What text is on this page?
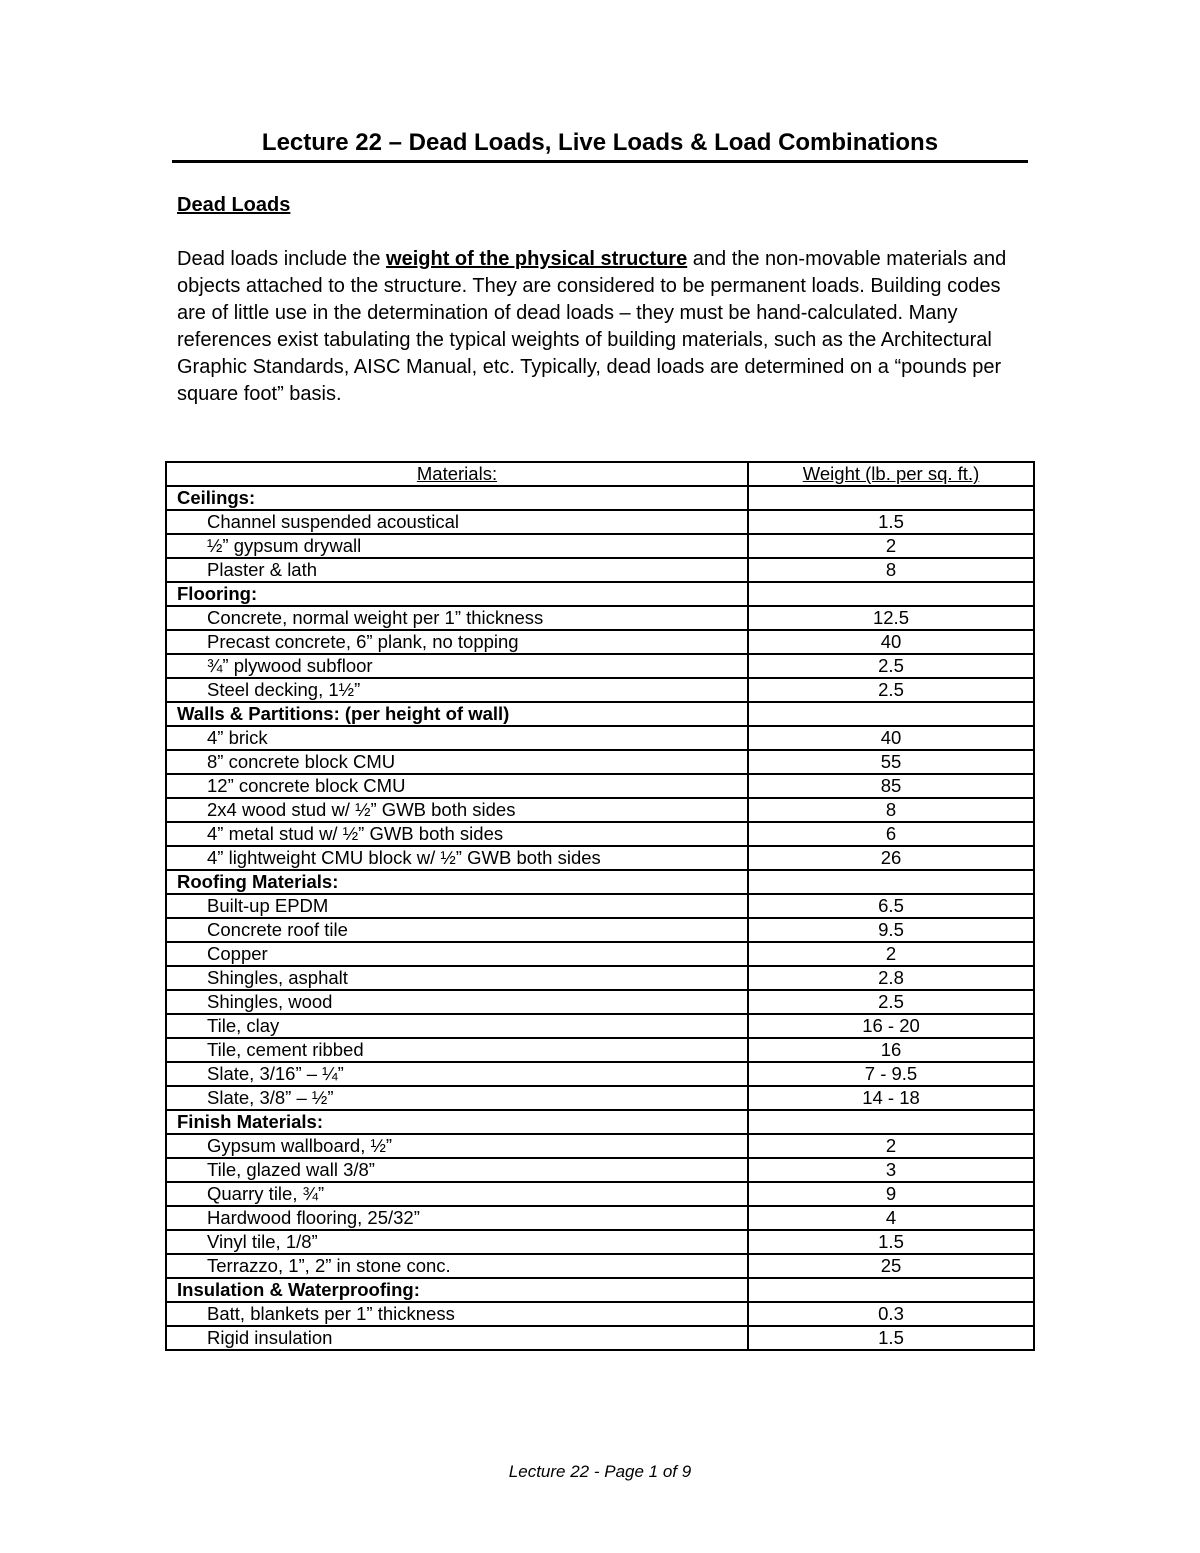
Lecture 22 – Dead Loads, Live Loads & Load Combinations
Dead Loads
Dead loads include the weight of the physical structure and the non-movable materials and objects attached to the structure. They are considered to be permanent loads. Building codes are of little use in the determination of dead loads – they must be hand-calculated. Many references exist tabulating the typical weights of building materials, such as the Architectural Graphic Standards, AISC Manual, etc. Typically, dead loads are determined on a “pounds per square foot” basis.
Materials:	Weight (lb. per sq. ft.)
Ceilings:	
Channel suspended acoustical	1.5
½” gypsum drywall	2
Plaster & lath	8
Flooring:	
Concrete, normal weight per 1” thickness	12.5
Precast concrete, 6” plank, no topping	40
¾” plywood subfloor	2.5
Steel decking, 1½”	2.5
Walls & Partitions: (per height of wall)	
4” brick	40
8” concrete block CMU	55
12” concrete block CMU	85
2x4 wood stud w/ ½” GWB both sides	8
4” metal stud w/ ½” GWB both sides	6
4” lightweight CMU block w/ ½” GWB both sides	26
Roofing Materials:	
Built-up EPDM	6.5
Concrete roof tile	9.5
Copper	2
Shingles, asphalt	2.8
Shingles, wood	2.5
Tile, clay	16 - 20
Tile, cement ribbed	16
Slate, 3/16” – ¼”	7 - 9.5
Slate, 3/8” – ½”	14 - 18
Finish Materials:	
Gypsum wallboard, ½”	2
Tile, glazed wall 3/8”	3
Quarry tile, ¾”	9
Hardwood flooring, 25/32”	4
Vinyl tile, 1/8”	1.5
Terrazzo, 1”, 2” in stone conc.	25
Insulation & Waterproofing:	
Batt, blankets per 1” thickness	0.3
Rigid insulation	1.5
Lecture 22 - Page 1 of 9
